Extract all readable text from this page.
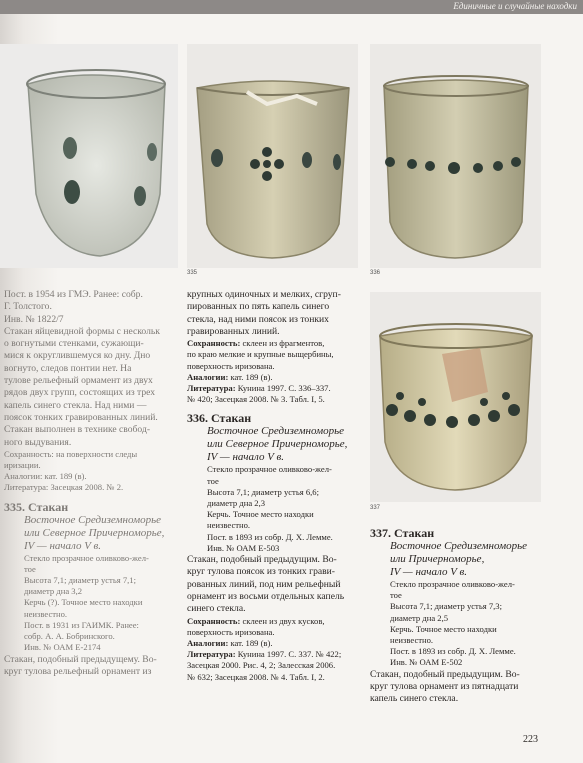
Единичные и случайные находки
335	336
337

Пост. в 1954 из ГМЭ. Ранее: собр.

Г. Толстого.

Инв. № 1822/7

Стакан яйцевидной формы с нескольк

о вогнутыми стенками, сужающи-

мися к округлившемуся ко дну. Дно

вогнуто, следов понтии нет. На

тулове рельефный ормамент из двух

рядов двух групп, состоящих из трех

капель синего стекла. Над ними —

поясок тонких гравированных линий.

Стакан выполнен в технике свобод-

ного выдувания.

Сохранность: на поверхности следы

иризации.

Аналогии: кат. 189 (в).

Литература: Засецкая 2008. № 2.

335. Стакан

Восточное Средиземноморье

или Северное Причерноморье,

IV — начало V в.

Стекло прозрачное оливково-жел-

тое

Высота 7,1; диаметр устья 7,1;

диаметр дна 3,2

Керчь (?). Точное место находки

неизвестно.

Пост. в 1931 из ГАИМК. Ранее:

собр. А. А. Бобринского.

Инв. № ОАМ Е-2174

Стакан, подобный предыдущему. Во-

круг тулова рельефный орнамент из

крупных одиночных и мелких, сгруп-

пированных по пять капель синего

стекла, над ними поясок из тонких

гравированных линий.

Сохранность: склеен из фрагментов,

по краю мелкие и крупные выщербины,

поверхность иризована.

Аналогии: кат. 189 (в).

Литература: Кунина 1997. С. 336–337.

№ 420; Засецкая 2008. № 3. Табл. I, 5.

336. Стакан

Восточное Средиземноморье

или Северное Причерноморье,

IV — начало V в.

Стекло прозрачное оливково-жел-

тое

Высота 7,1; диаметр устья 6,6;

диаметр дна 2,3

Керчь. Точное место находки

неизвестно.

Пост. в 1893 из собр. Д. Х. Лемме.

Инв. № ОАМ Е-503

Стакан, подобный предыдущим. Во-

круг тулова поясок из тонких грави-

рованных линий, под ним рельефный

орнамент из восьми отдельных капель

синего стекла.

Сохранность: склеен из двух кусков,

поверхность иризована.

Аналогии: кат. 189 (в).

Литература: Кунина 1997. С. 337. № 422;

Засецкая 2000. Рис. 4, 2; Залесская 2006.

№ 632; Засецкая 2008. № 4. Табл. I, 2.

337. Стакан

Восточное Средиземноморье

или Причерноморье,

IV — начало V в.

Стекло прозрачное оливково-жел-

тое

Высота 7,1; диаметр устья 7,3;

диаметр дна 2,5

Керчь. Точное место находки

неизвестно.

Пост. в 1893 из собр. Д. Х. Лемме.

Инв. № ОАМ Е-502

Стакан, подобный предыдущим. Во-

круг тулова орнамент из пятнадцати

капель синего стекла.

223
